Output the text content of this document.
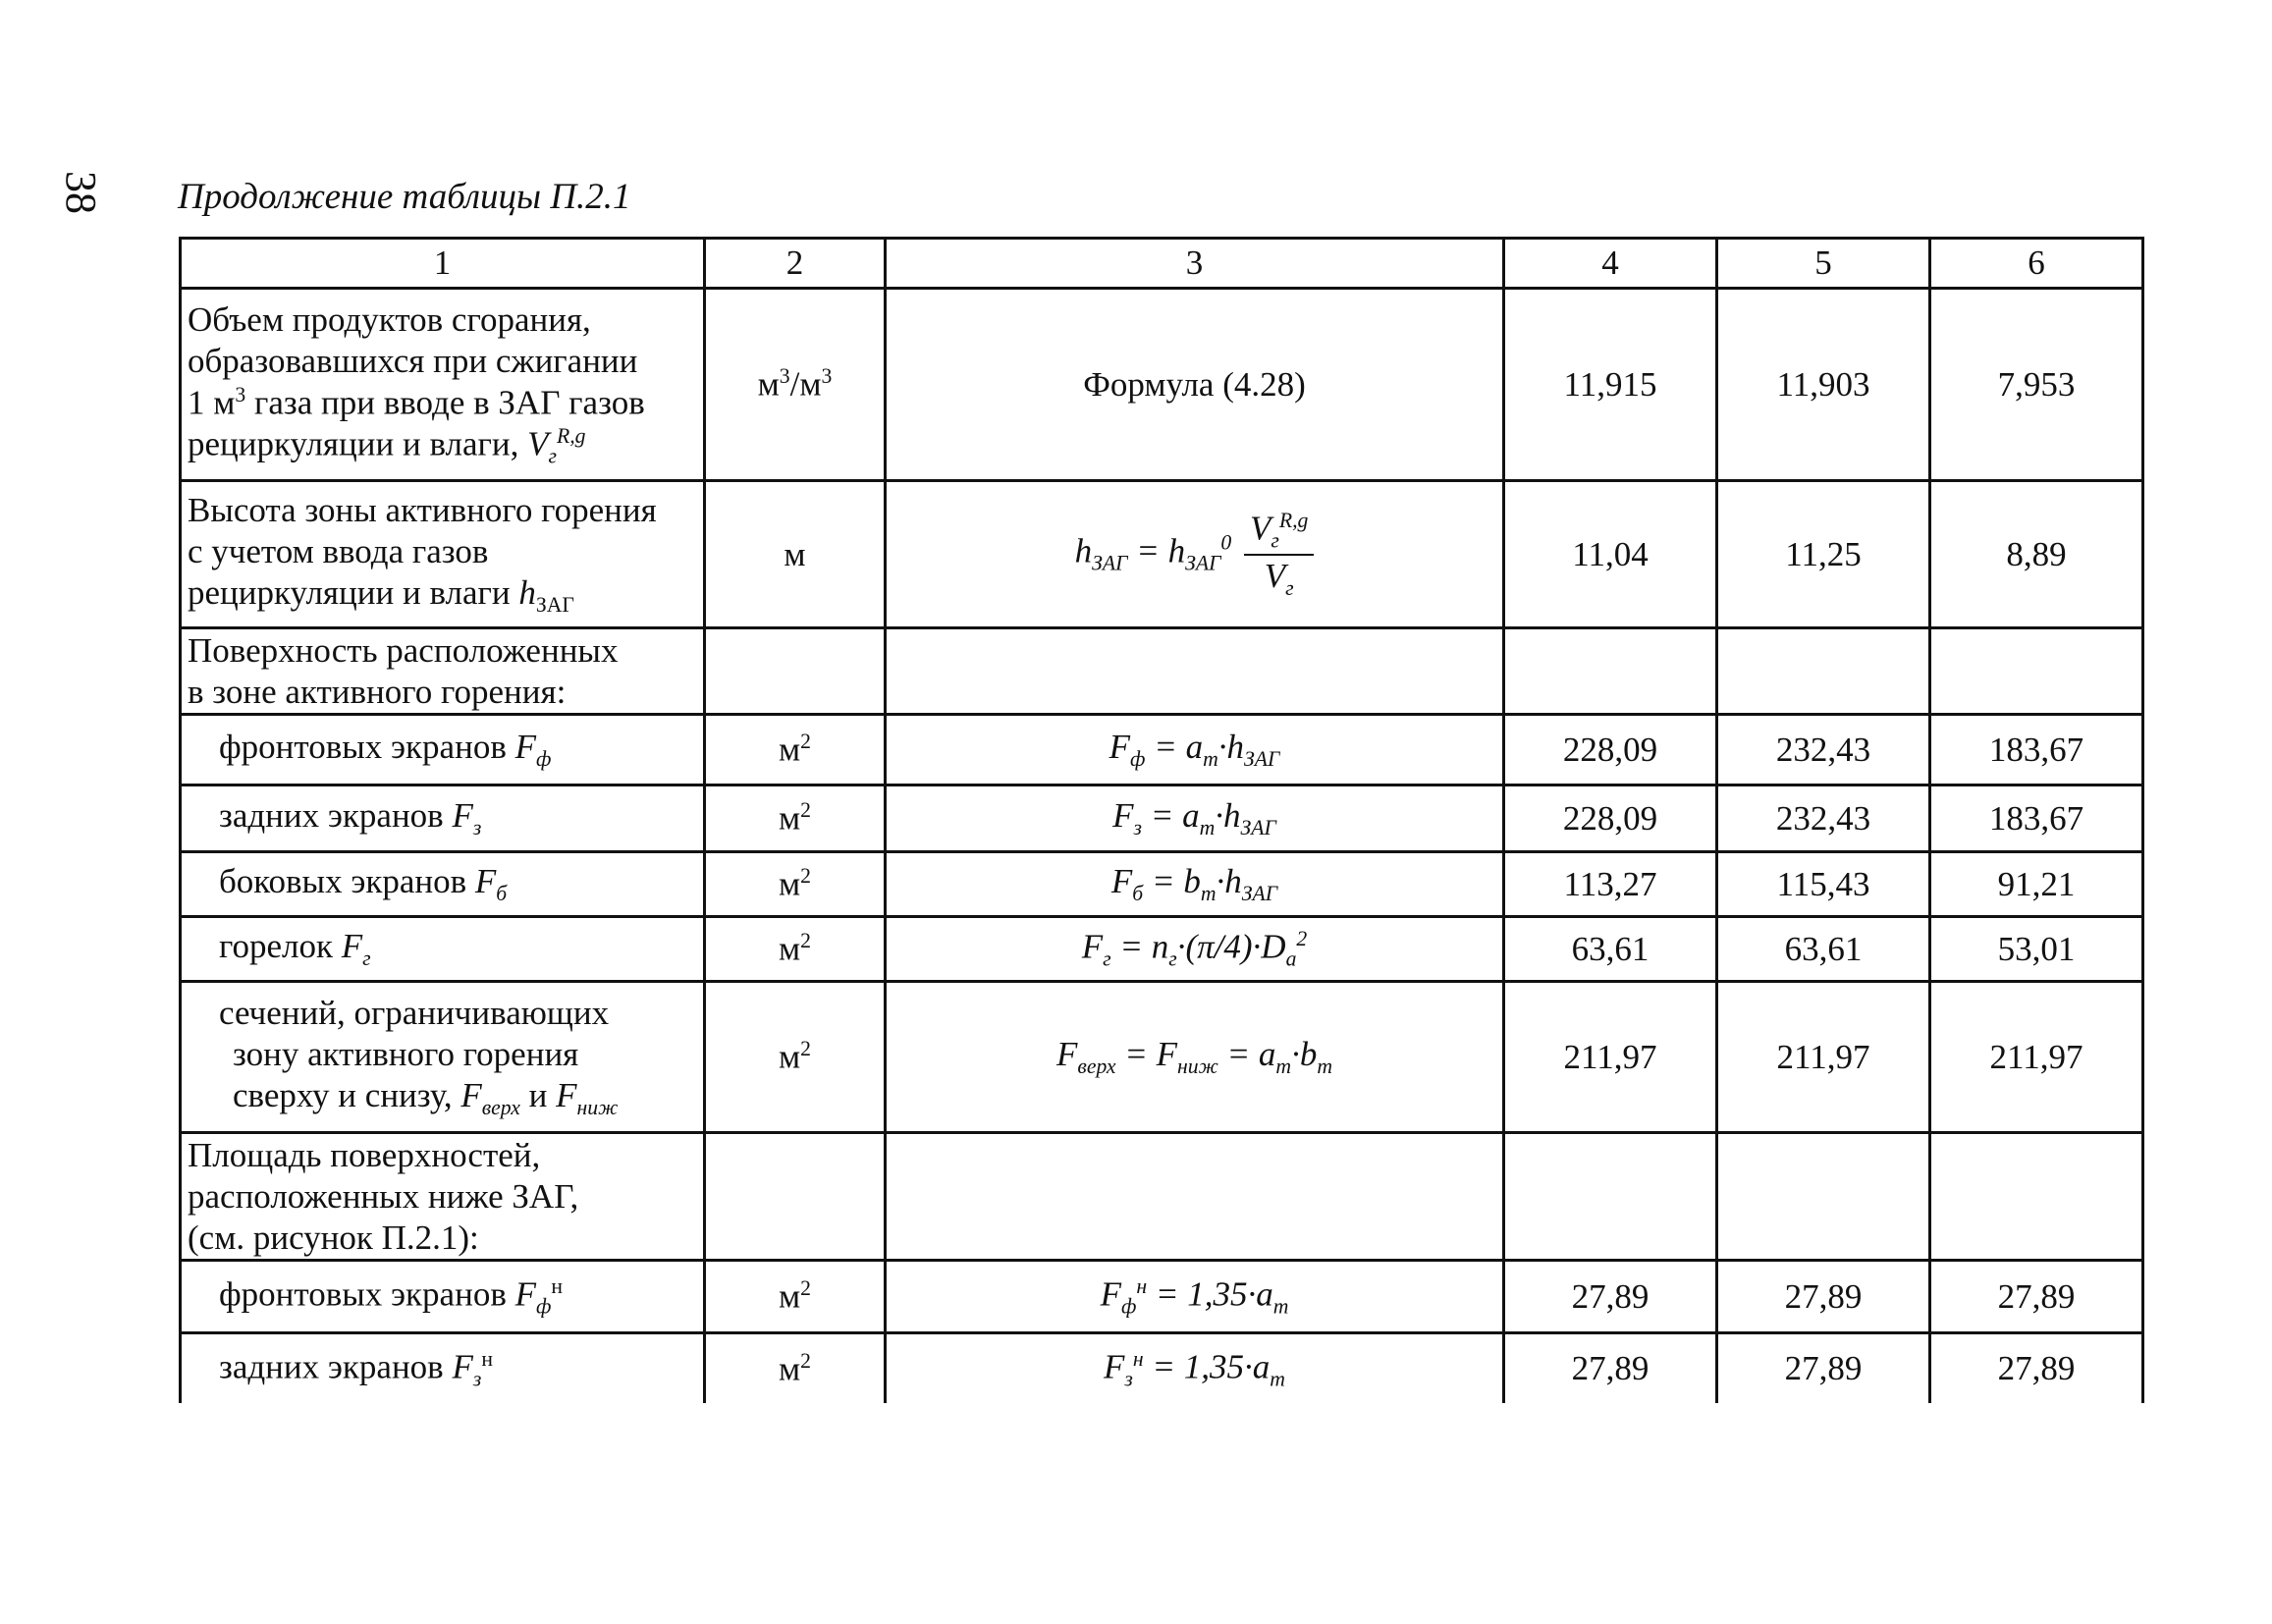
38 Продолжение таблицы П.2.1
1	2	3	4	5	6
Объем продуктов сгорания,
образовавшихся при сжигании
1 $м^3$ газа при вводе в ЗАГ газов
рециркуляции и влаги, $V_г^{R,g}$	$м^3/м^3$	Формула (4.28)	11,915	11,903	7,953
Высота зоны активного горения
с учетом ввода газов
рециркуляции и влаги $h_{ЗАГ}$	м	$h_{ЗАГ} = h_{ЗАГ}^0 \frac{V_г^{R,g}}{V_г}$	11,04	11,25	8,89
Поверхность расположенных
в зоне активного горения:					
фронтовых экранов $F_ф$	$м^2$	$F_ф = a_т\cdot h_{ЗАГ}$	228,09	232,43	183,67
задних экранов $F_з$	$м^2$	$F_з = a_т\cdot h_{ЗАГ}$	228,09	232,43	183,67
боковых экранов $F_б$	$м^2$	$F_б = b_т\cdot h_{ЗАГ}$	113,27	115,43	91,21
горелок $F_г$	$м^2$	$F_г = n_г\cdot(\pi/4)\cdot D_а^2$	63,61	63,61	53,01
сечений, ограничивающих
зону активного горения
сверху и снизу, $F_{верх}$ и $F_{ниж}$	$м^2$	$F_{верх} = F_{ниж} = a_т\cdot b_т$	211,97	211,97	211,97
Площадь поверхностей,
расположенных ниже ЗАГ,
(см. рисунок П.2.1):					
фронтовых экранов $F_ф^н$	$м^2$	$F_ф^н = 1,35\cdot a_т$	27,89	27,89	27,89
задних экранов $F_з^н$	$м^2$	$F_з^н = 1,35\cdot a_т$	27,89	27,89	27,89
